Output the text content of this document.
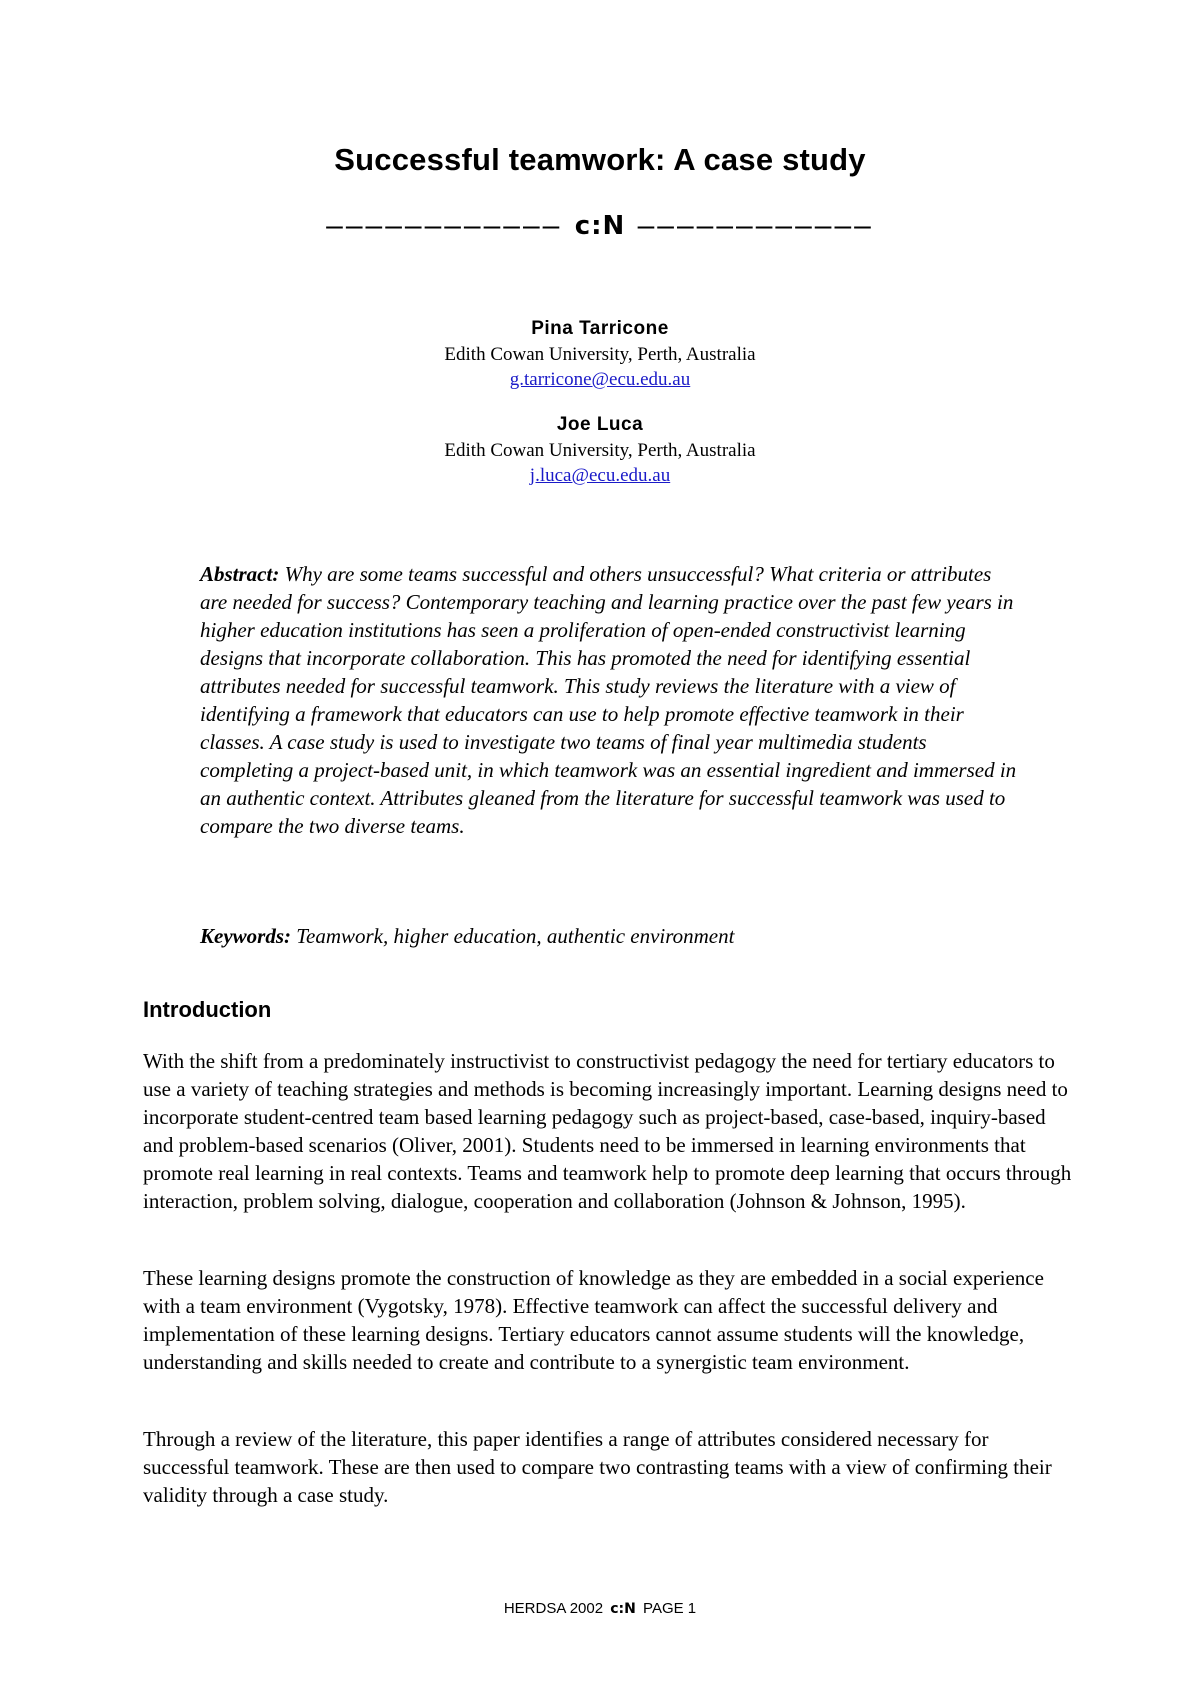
Successful teamwork: A case study
–––––––––––– c:N ––––––––––––
Pina Tarricone
Edith Cowan University, Perth, Australia
g.tarricone@ecu.edu.au
Joe Luca
Edith Cowan University, Perth, Australia
j.luca@ecu.edu.au
Abstract: Why are some teams successful and others unsuccessful? What criteria or attributes are needed for success? Contemporary teaching and learning practice over the past few years in higher education institutions has seen a proliferation of open-ended constructivist learning designs that incorporate collaboration. This has promoted the need for identifying essential attributes needed for successful teamwork. This study reviews the literature with a view of identifying a framework that educators can use to help promote effective teamwork in their classes. A case study is used to investigate two teams of final year multimedia students completing a project-based unit, in which teamwork was an essential ingredient and immersed in an authentic context. Attributes gleaned from the literature for successful teamwork was used to compare the two diverse teams.
Keywords: Teamwork, higher education, authentic environment
Introduction

With the shift from a predominately instructivist to constructivist pedagogy the need for tertiary educators to use a variety of teaching strategies and methods is becoming increasingly important. Learning designs need to incorporate student-centred team based learning pedagogy such as project-based, case-based, inquiry-based and problem-based scenarios (Oliver, 2001). Students need to be immersed in learning environments that promote real learning in real contexts. Teams and teamwork help to promote deep learning that occurs through interaction, problem solving, dialogue, cooperation and collaboration (Johnson & Johnson, 1995).

These learning designs promote the construction of knowledge as they are embedded in a social experience with a team environment (Vygotsky, 1978). Effective teamwork can affect the successful delivery and implementation of these learning designs. Tertiary educators cannot assume students will the knowledge, understanding and skills needed to create and contribute to a synergistic team environment.

Through a review of the literature, this paper identifies a range of attributes considered necessary for successful teamwork. These are then used to compare two contrasting teams with a view of confirming their validity through a case study.

HERDSA 2002 c:N PAGE 1
